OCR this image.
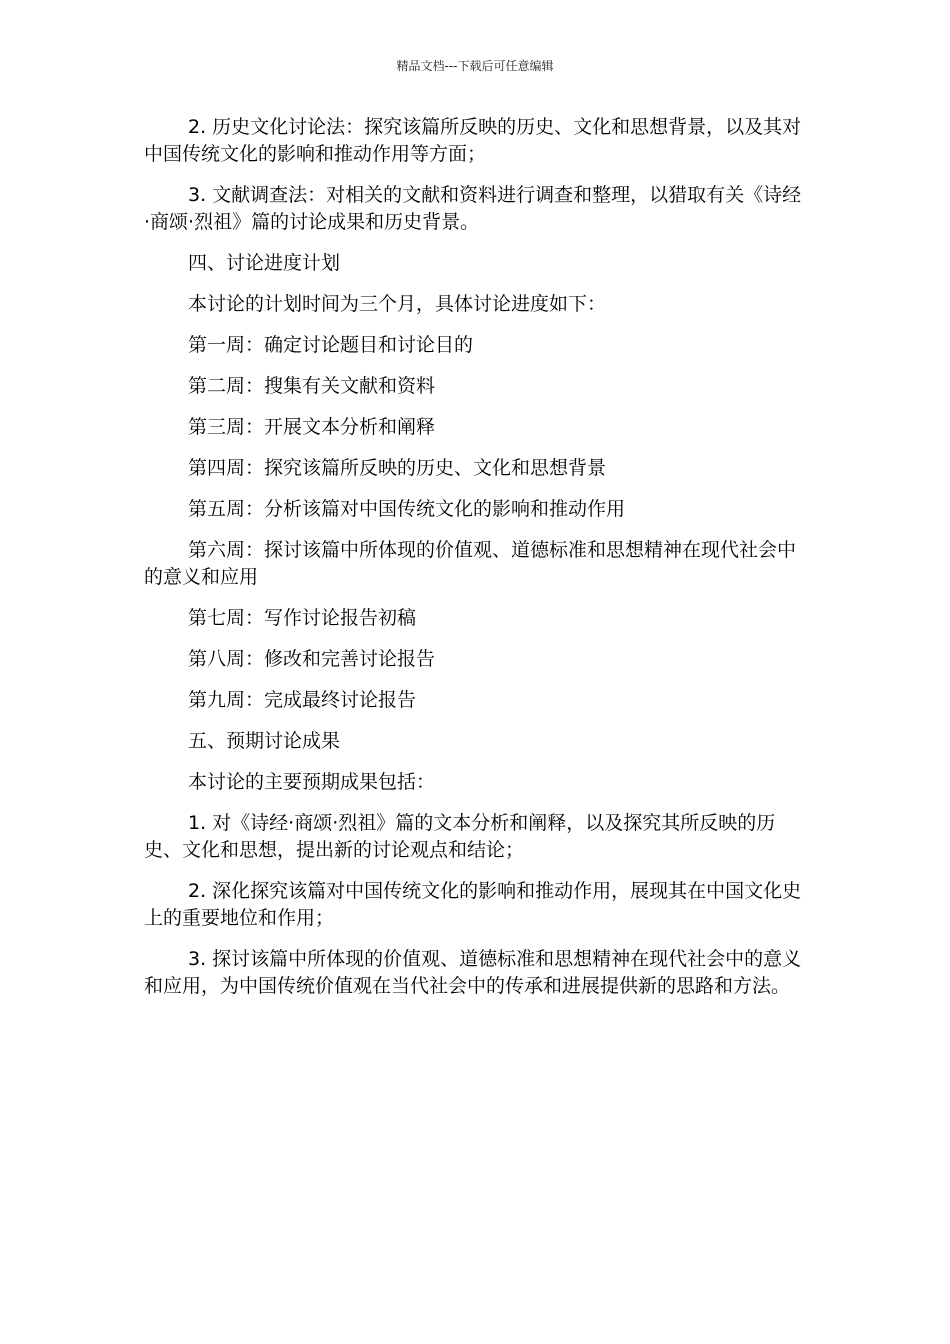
精品文档---下载后可任意编辑

2. 历史文化讨论法：探究该篇所反映的历史、文化和思想背景，以及其对中国传统文化的影响和推动作用等方面；

3. 文献调查法：对相关的文献和资料进行调查和整理，以猎取有关《诗经·商颂·烈祖》篇的讨论成果和历史背景。

四、讨论进度计划

本讨论的计划时间为三个月，具体讨论进度如下：

第一周：确定讨论题目和讨论目的

第二周：搜集有关文献和资料

第三周：开展文本分析和阐释

第四周：探究该篇所反映的历史、文化和思想背景

第五周：分析该篇对中国传统文化的影响和推动作用

第六周：探讨该篇中所体现的价值观、道德标准和思想精神在现代社会中的意义和应用

第七周：写作讨论报告初稿

第八周：修改和完善讨论报告

第九周：完成最终讨论报告

五、预期讨论成果

本讨论的主要预期成果包括：

1. 对《诗经·商颂·烈祖》篇的文本分析和阐释，以及探究其所反映的历史、文化和思想，提出新的讨论观点和结论；

2. 深化探究该篇对中国传统文化的影响和推动作用，展现其在中国文化史上的重要地位和作用；

3. 探讨该篇中所体现的价值观、道德标准和思想精神在现代社会中的意义和应用，为中国传统价值观在当代社会中的传承和进展提供新的思路和方法。
